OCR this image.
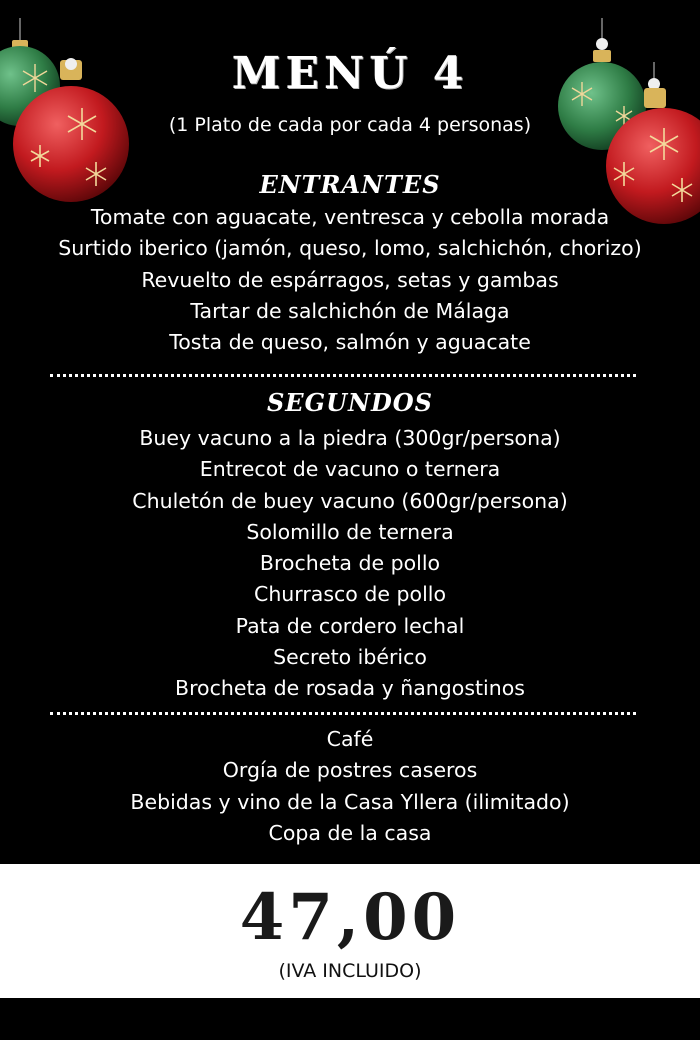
MENÚ 4
(1 Plato de cada por cada 4 personas)
ENTRANTES
Tomate con aguacate, ventresca y cebolla morada
Surtido iberico (jamón, queso, lomo, salchichón, chorizo)
Revuelto de espárragos, setas y gambas
Tartar de salchichón de Málaga
Tosta de queso, salmón y aguacate
SEGUNDOS
Buey vacuno a la piedra (300gr/persona)
Entrecot de vacuno o ternera
Chuletón de buey vacuno (600gr/persona)
Solomillo de ternera
Brocheta de pollo
Churrasco de pollo
Pata de cordero lechal
Secreto ibérico
Brocheta de rosada y ñangostinos
Café
Orgía de postres caseros
Bebidas y vino de la Casa Yllera (ilimitado)
Copa de la casa
47,00
(IVA INCLUIDO)
